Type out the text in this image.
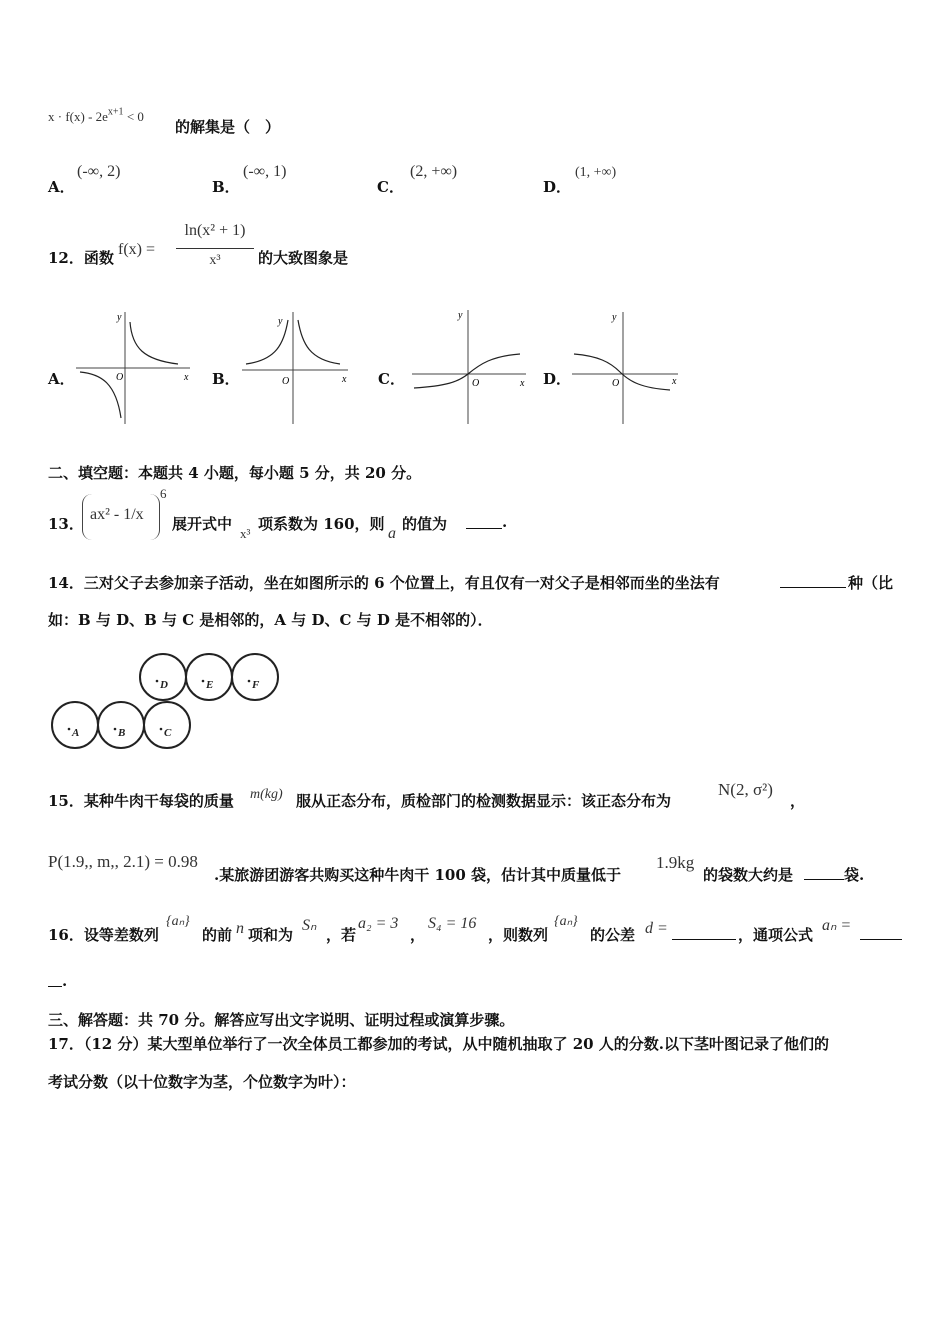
$x \cdot f(x) - 2e^{x+1} < 0$
的解集是（　）
A．
(-∞, 2)
B．
(-∞, 1)
C．
(2, +∞)
D．
(1, +∞)
12．函数 f(x) =
ln(x² + 1)
x³	的大致图象是
A．	B．	C．	D．
y
x
O
y
x
O
y
x
O
y
x
O
二、填空题：本题共 4 小题，每小题 5 分，共 20 分。
13．
ax² - 1/x
6
展开式中
x³
项系数为 160，则
a
的值为	.
14．三对父子去参加亲子活动，坐在如图所示的 6 个位置上，有且仅有一对父子是相邻而坐的坐法有	种（比
如：B 与 D、B 与 C 是相邻的，A 与 D、C 与 D 是不相邻的）．
D	E	F
A	B	C
15．某种牛肉干每袋的质量 m(kg) 服从正态分布，质检部门的检测数据显示：该正态分布为
N(2, σ²)
，
P(1.9,, m,, 2.1) = 0.98
.某旅游团游客共购买这种牛肉干 100 袋，估计其中质量低于
1.9kg
的袋数大约是	袋.
16．设等差数列
{aₙ}
的前 n 项和为
Sₙ
，若
a₂ = 3
，
S₄ = 16
，则数列
{aₙ}
的公差 d =	，通项公式
aₙ =
.
三、解答题：共 70 分。解答应写出文字说明、证明过程或演算步骤。
17．（12 分）某大型单位举行了一次全体员工都参加的考试，从中随机抽取了 20 人的分数.以下茎叶图记录了他们的
考试分数（以十位数字为茎，个位数字为叶）：
